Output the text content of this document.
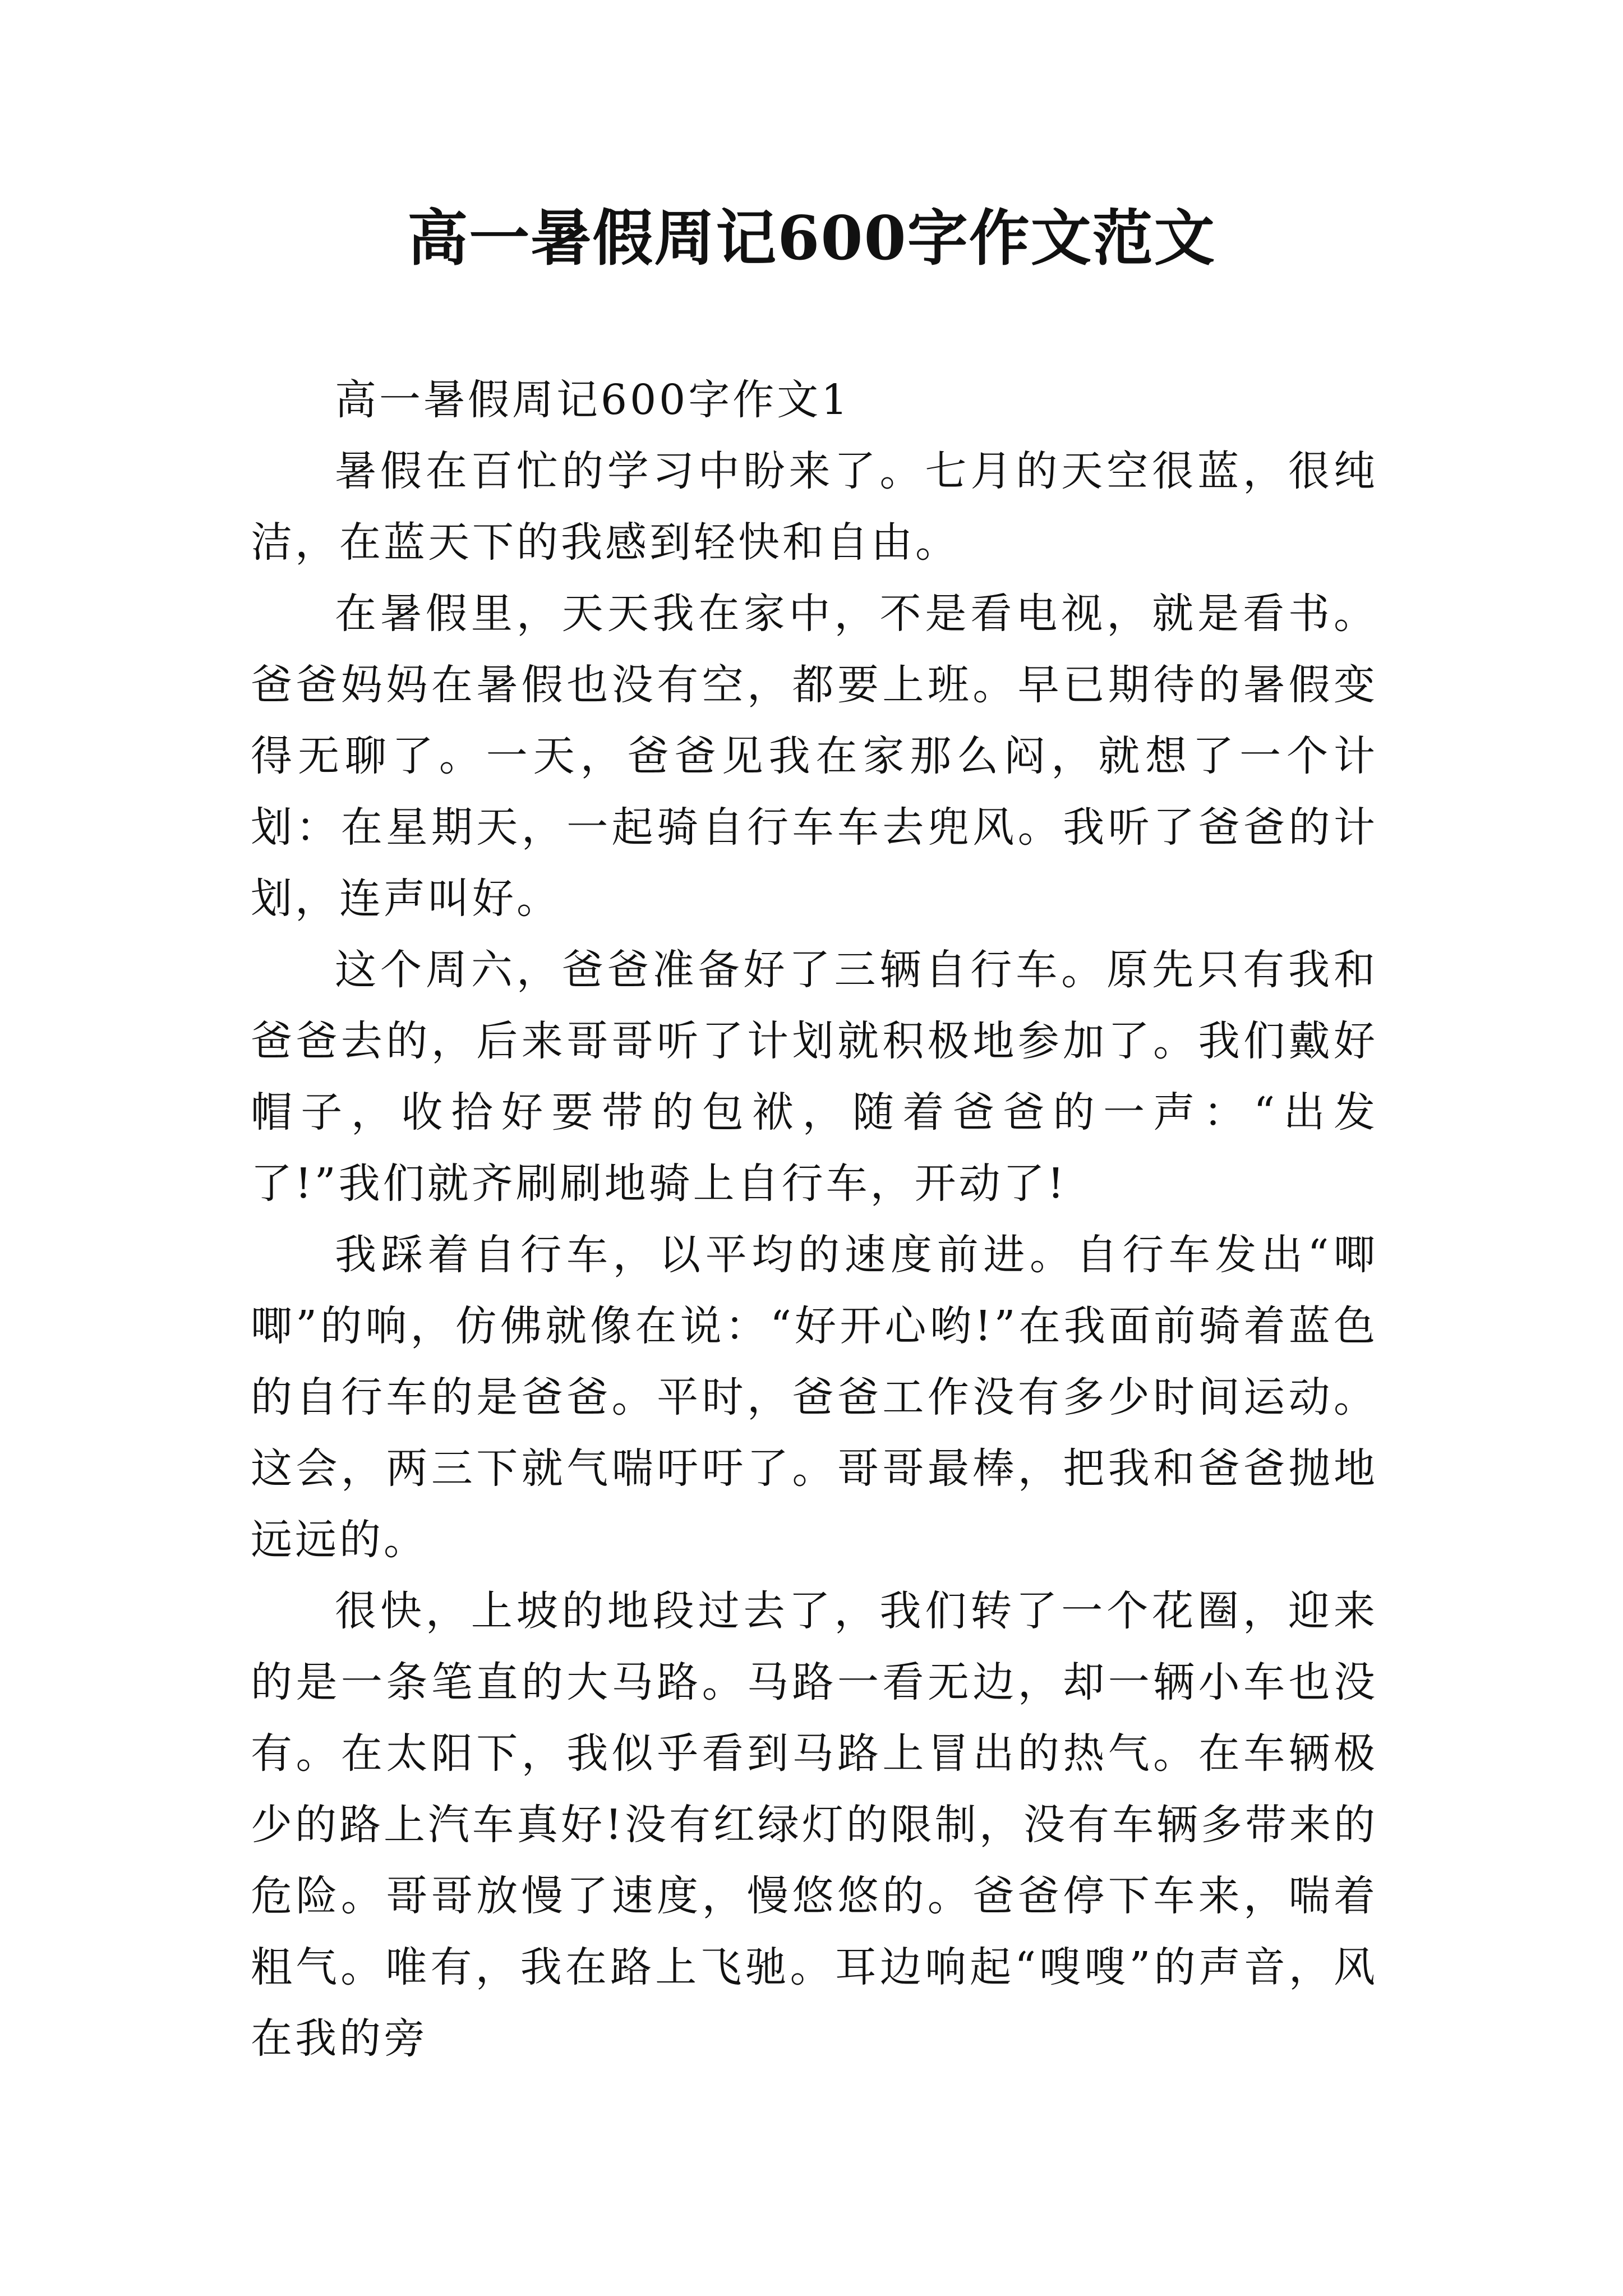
高一暑假周记600字作文范文

高一暑假周记600字作文1

暑假在百忙的学习中盼来了。七月的天空很蓝，很纯洁，在蓝天下的我感到轻快和自由。

在暑假里，天天我在家中，不是看电视，就是看书。爸爸妈妈在暑假也没有空，都要上班。早已期待的暑假变得无聊了。一天，爸爸见我在家那么闷，就想了一个计划：在星期天，一起骑自行车车去兜风。我听了爸爸的计划，连声叫好。

这个周六，爸爸准备好了三辆自行车。原先只有我和爸爸去的，后来哥哥听了计划就积极地参加了。我们戴好帽子，收拾好要带的包袱，随着爸爸的一声：“出发了!”我们就齐刷刷地骑上自行车，开动了!

我踩着自行车，以平均的速度前进。自行车发出“唧唧”的响，仿佛就像在说：“好开心哟!”在我面前骑着蓝色的自行车的是爸爸。平时，爸爸工作没有多少时间运动。这会，两三下就气喘吁吁了。哥哥最棒，把我和爸爸抛地远远的。

很快，上坡的地段过去了，我们转了一个花圈，迎来的是一条笔直的大马路。马路一看无边，却一辆小车也没有。在太阳下，我似乎看到马路上冒出的热气。在车辆极少的路上汽车真好!没有红绿灯的限制，没有车辆多带来的危险。哥哥放慢了速度，慢悠悠的。爸爸停下车来，喘着粗气。唯有，我在路上飞驰。耳边响起“嗖嗖”的声音，风在我的旁
